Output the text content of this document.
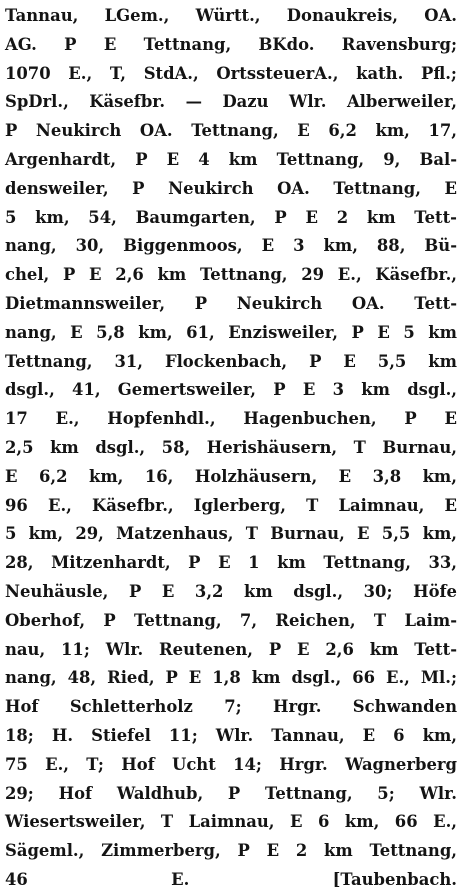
Tannau, LGem., Württ., Donaukreis, OA.
AG. P E Tettnang, BKdo. Ravensburg;
1070 E., T, StdA., OrtssteuerA., kath. Pfl.;
SpDrl., Käsefbr. — Dazu Wlr. Alberweiler,
P Neukirch OA. Tettnang, E 6,2 km, 17,
Argenhardt, P E 4 km Tettnang, 9, Bal-
densweiler, P Neukirch OA. Tettnang, E
5 km, 54, Baumgarten, P E 2 km Tett-
nang, 30, Biggenmoos, E 3 km, 88, Bü-
chel, P E 2,6 km Tettnang, 29 E., Käsefbr.,
Dietmannsweiler, P Neukirch OA. Tett-
nang, E 5,8 km, 61, Enzisweiler, P E 5 km
Tettnang, 31, Flockenbach, P E 5,5 km
dsgl., 41, Gemertsweiler, P E 3 km dsgl.,
17 E., Hopfenhdl., Hagenbuchen, P E
2,5 km dsgl., 58, Herishäusern, T Burnau,
E 6,2 km, 16, Holzhäusern, E 3,8 km,
96 E., Käsefbr., Iglerberg, T Laimnau, E
5 km, 29, Matzenhaus, T Burnau, E 5,5 km,
28, Mitzenhardt, P E 1 km Tettnang, 33,
Neuhäusle, P E 3,2 km dsgl., 30; Höfe
Oberhof, P Tettnang, 7, Reichen, T Laim-
nau, 11; Wlr. Reutenen, P E 2,6 km Tett-
nang, 48, Ried, P E 1,8 km dsgl., 66 E., Ml.;
Hof Schletterholz 7; Hrgr. Schwanden
18; H. Stiefel 11; Wlr. Tannau, E 6 km,
75 E., T; Hof Ucht 14; Hrgr. Wagnerberg
29; Hof Waldhub, P Tettnang, 5; Wlr.
Wiesertsweiler, T Laimnau, E 6 km, 66 E.,
Sägeml., Zimmerberg, P E 2 km Tettnang,
46 E. [Taubenbach.
